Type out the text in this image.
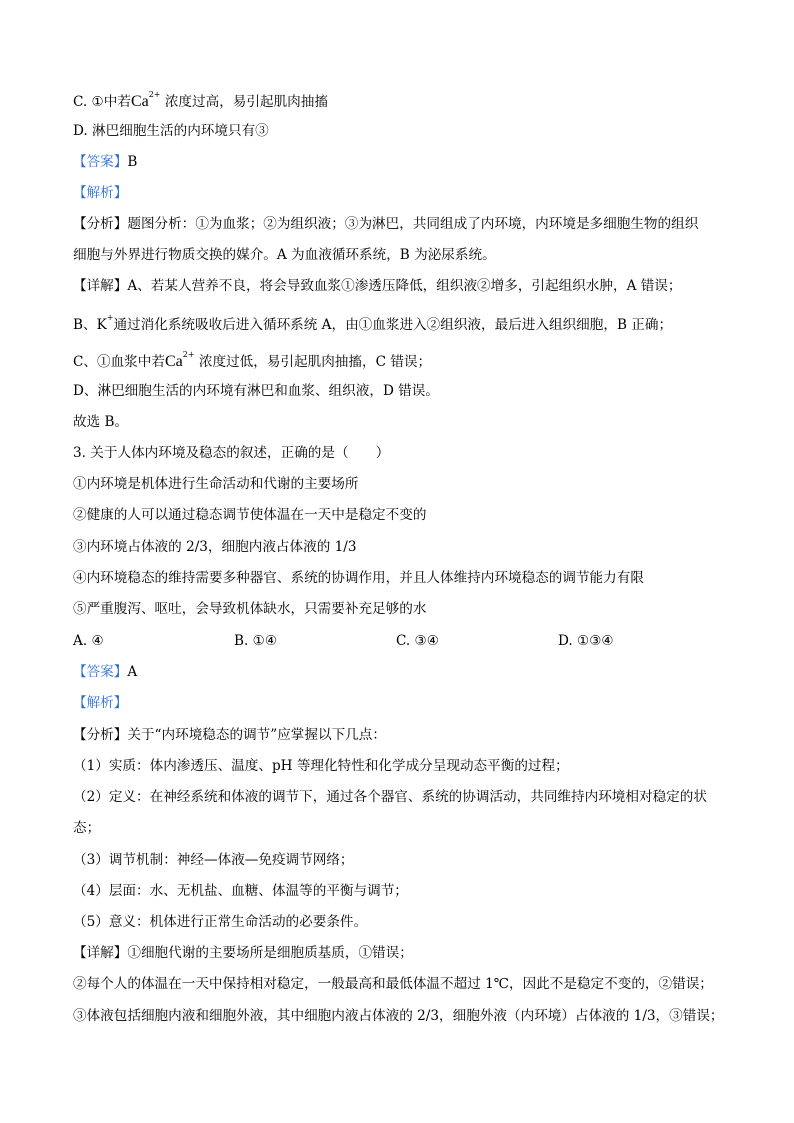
C. ①中若$Ca^{2+}$ 浓度过高，易引起肌肉抽搐
D. 淋巴细胞生活的内环境只有③
【答案】B
【解析】
【分析】题图分析：①为血浆；②为组织液；③为淋巴，共同组成了内环境，内环境是多细胞生物的组织
细胞与外界进行物质交换的媒介。A 为血液循环系统，B 为泌尿系统。
【详解】A、若某人营养不良，将会导致血浆①渗透压降低，组织液②增多，引起组织水肿，A 错误；
B、K+通过消化系统吸收后进入循环系统 A，由①血浆进入②组织液，最后进入组织细胞，B 正确；
C、①血浆中若$Ca^{2+}$ 浓度过低，易引起肌肉抽搐，C 错误；
D、淋巴细胞生活的内环境有淋巴和血浆、组织液，D 错误。
故选 B。
3. 关于人体内环境及稳态的叙述，正确的是（　　）
①内环境是机体进行生命活动和代谢的主要场所
②健康的人可以通过稳态调节使体温在一天中是稳定不变的
③内环境占体液的 2/3，细胞内液占体液的 1/3
④内环境稳态的维持需要多种器官、系统的协调作用，并且人体维持内环境稳态的调节能力有限
⑤严重腹泻、呕吐，会导致机体缺水，只需要补充足够的水
A. ④	B. ①④	C. ③④	D. ①③④
【答案】A
【解析】
【分析】关于“内环境稳态的调节”应掌握以下几点：
（1）实质：体内渗透压、温度、pH 等理化特性和化学成分呈现动态平衡的过程；
（2）定义：在神经系统和体液的调节下，通过各个器官、系统的协调活动，共同维持内环境相对稳定的状
态；
（3）调节机制：神经—体液—免疫调节网络；
（4）层面：水、无机盐、血糖、体温等的平衡与调节；
（5）意义：机体进行正常生命活动的必要条件。
【详解】①细胞代谢的主要场所是细胞质基质，①错误；
②每个人的体温在一天中保持相对稳定，一般最高和最低体温不超过 1℃，因此不是稳定不变的，②错误；
③体液包括细胞内液和细胞外液，其中细胞内液占体液的 2/3，细胞外液（内环境）占体液的 1/3，③错误；
